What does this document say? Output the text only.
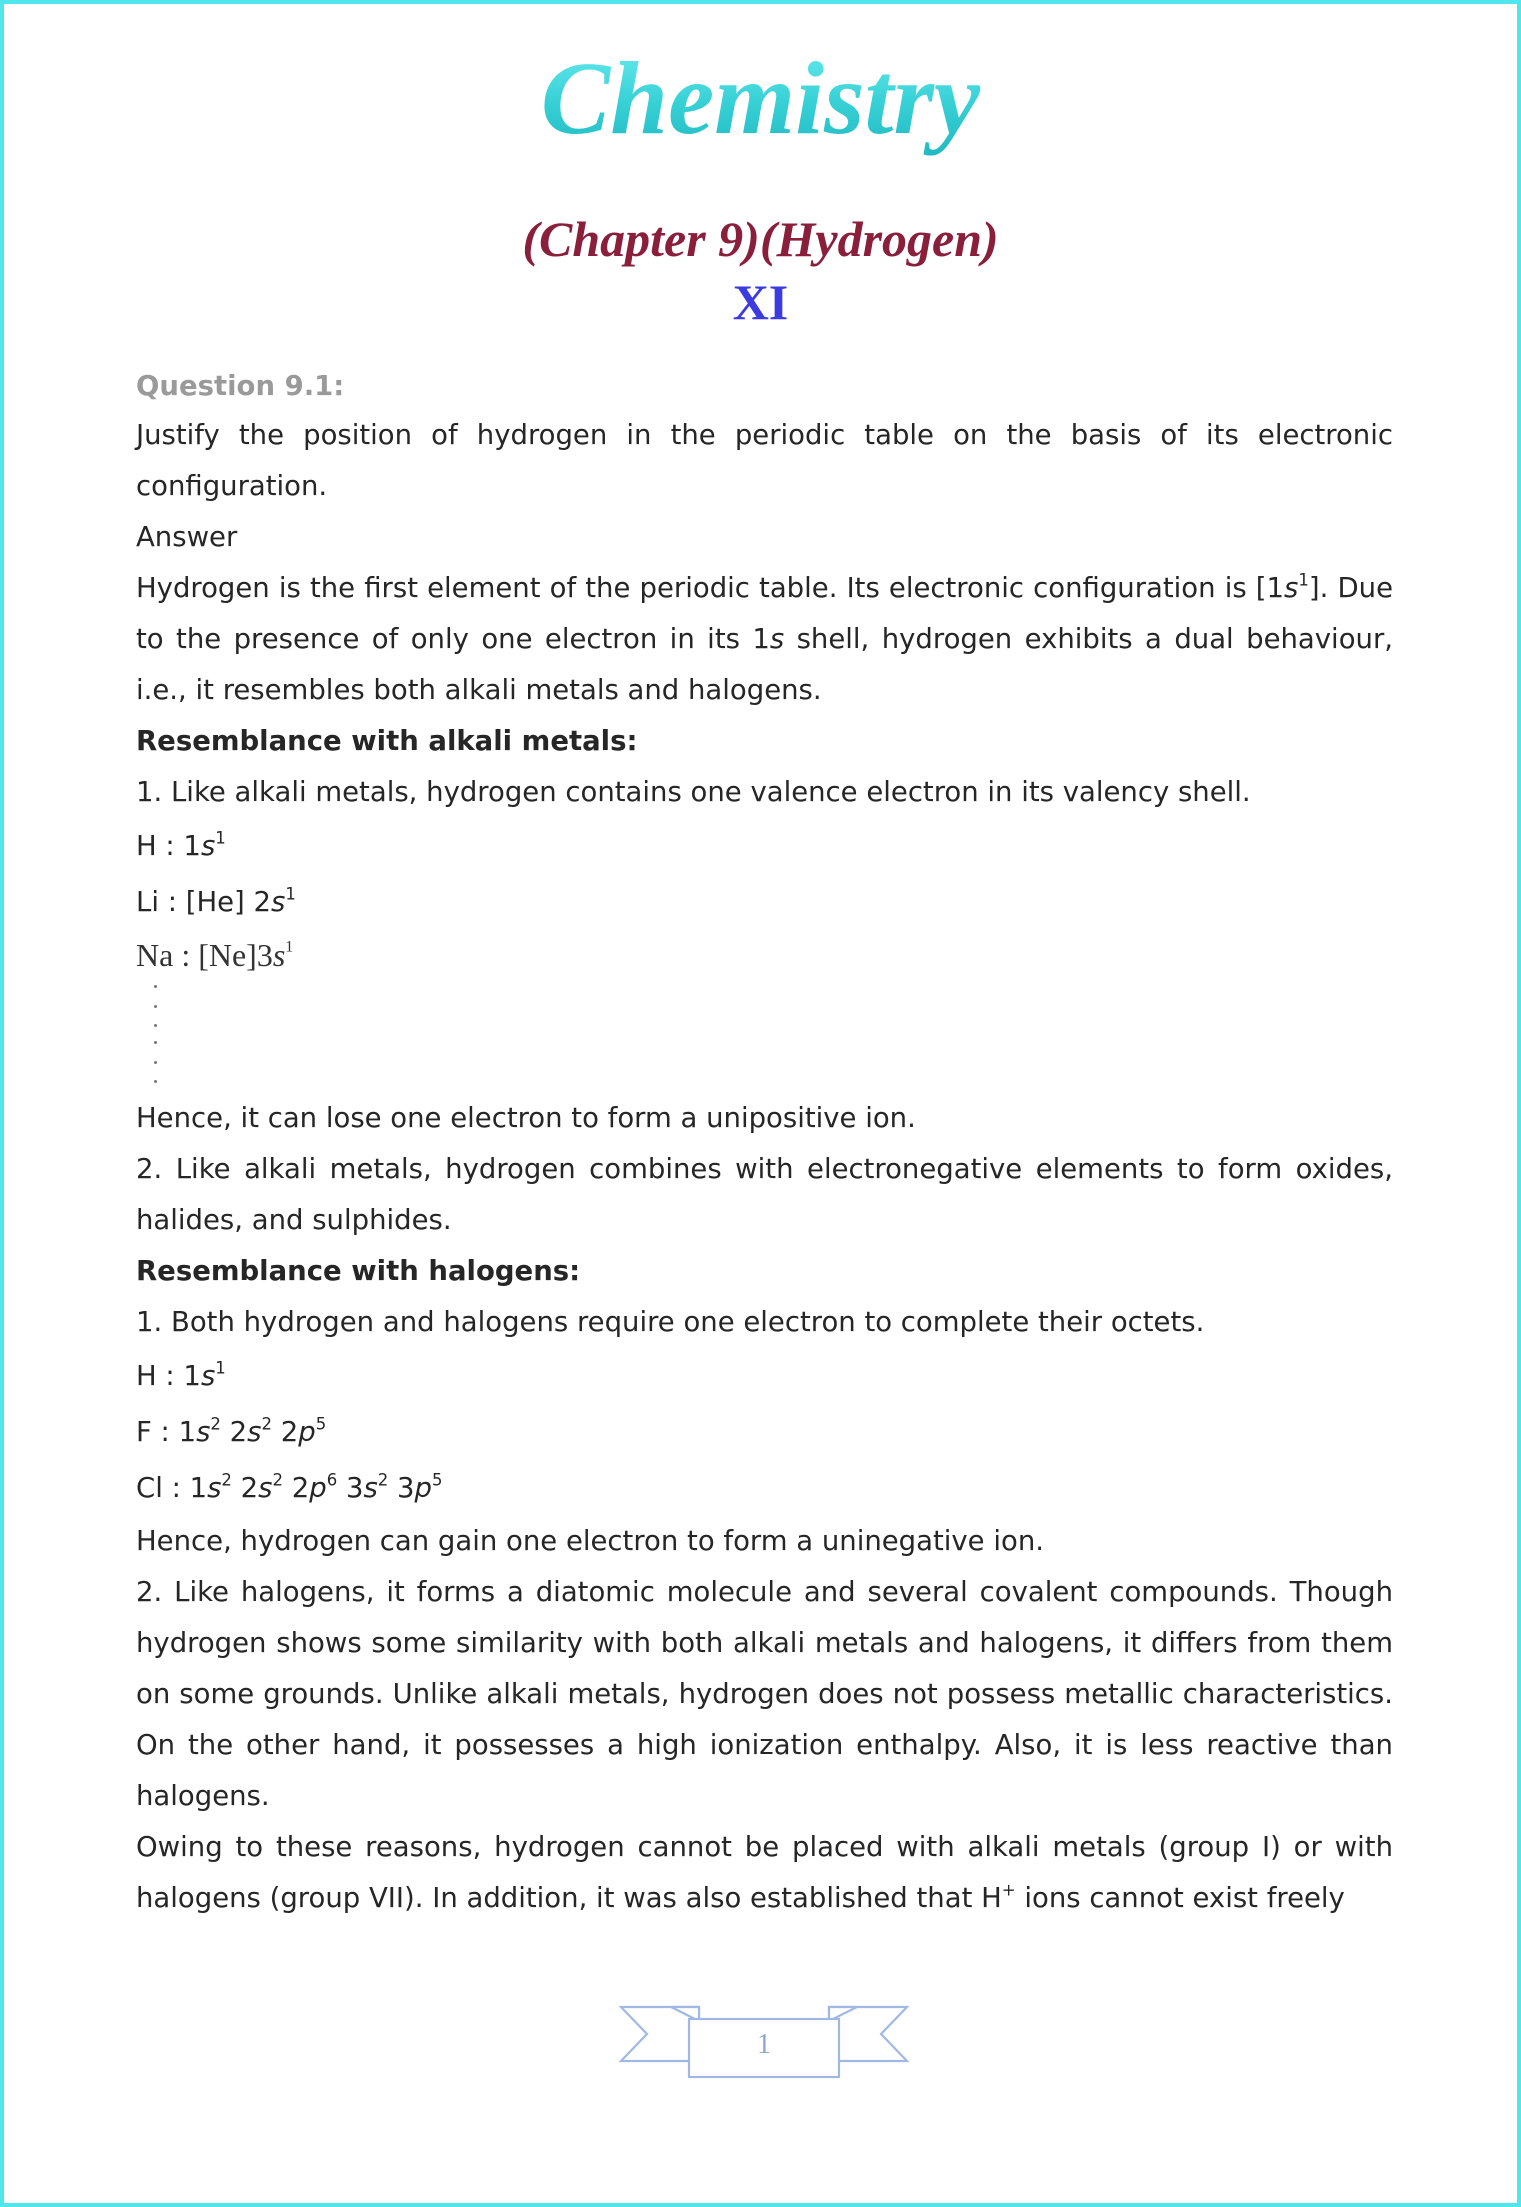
Chemistry
(Chapter 9)(Hydrogen)
XI

Question 9.1:

Justify the position of hydrogen in the periodic table on the basis of its electronic configuration.

Answer

Hydrogen is the first element of the periodic table. Its electronic configuration is $[1s^1]$. Due to the presence of only one electron in its 1s shell, hydrogen exhibits a dual behaviour, i.e., it resembles both alkali metals and halogens.

Resemblance with alkali metals:

1. Like alkali metals, hydrogen contains one valence electron in its valency shell.

H : $1s^1$

Li : [He] $2s^1$

Na : $[Ne]3s^1$

Hence, it can lose one electron to form a unipositive ion.

2. Like alkali metals, hydrogen combines with electronegative elements to form oxides, halides, and sulphides.

Resemblance with halogens:

1. Both hydrogen and halogens require one electron to complete their octets.

H : $1s^1$

F : $1s^2$ $2s^2$ $2p^5$

Cl : $1s^2$ $2s^2$ $2p^6$ $3s^2$ $3p^5$

Hence, hydrogen can gain one electron to form a uninegative ion.

2. Like halogens, it forms a diatomic molecule and several covalent compounds. Though hydrogen shows some similarity with both alkali metals and halogens, it differs from them on some grounds. Unlike alkali metals, hydrogen does not possess metallic characteristics. On the other hand, it possesses a high ionization enthalpy. Also, it is less reactive than halogens.

Owing to these reasons, hydrogen cannot be placed with alkali metals (group I) or with halogens (group VII). In addition, it was also established that H+ ions cannot exist freely

1
